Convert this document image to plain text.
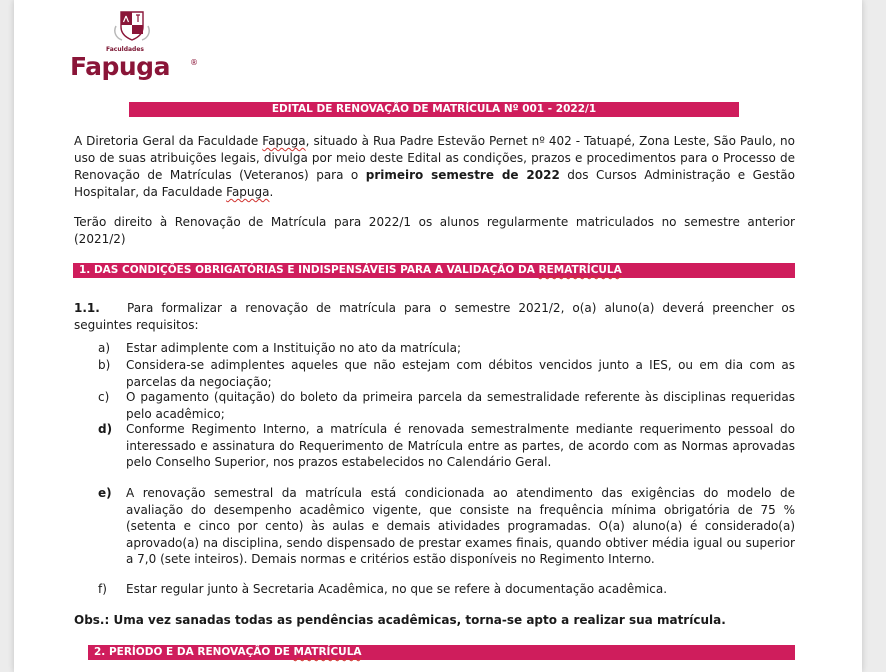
Faculdades
Fapuga	®
EDITAL DE RENOVAÇÃO DE MATRÍCULA Nº 001 - 2022/1
A Diretoria Geral da Faculdade Fapuga, situado à Rua Padre Estevão Pernet nº 402 - Tatuapé, Zona Leste, São Paulo, no uso de suas atribuições legais, divulga por meio deste Edital as condições, prazos e procedimentos para o Processo de Renovação de Matrículas (Veteranos) para o primeiro semestre de 2022 dos Cursos Administração e Gestão Hospitalar, da Faculdade Fapuga.
Terão direito à Renovação de Matrícula para 2022/1 os alunos regularmente matriculados no semestre anterior (2021/2)
1. DAS CONDIÇÕES OBRIGATÓRIAS E INDISPENSÁVEIS PARA A VALIDAÇÃO DA REMATRÍCULA
1.1.	Para formalizar a renovação de matrícula para o semestre 2021/2, o(a) aluno(a) deverá preencher os seguintes requisitos:
a) Estar adimplente com a Instituição no ato da matrícula;
b) Considera-se adimplentes aqueles que não estejam com débitos vencidos junto a IES, ou em dia com as parcelas da negociação;
c) O pagamento (quitação) do boleto da primeira parcela da semestralidade referente às disciplinas requeridas pelo acadêmico;
d) Conforme Regimento Interno, a matrícula é renovada semestralmente mediante requerimento pessoal do interessado e assinatura do Requerimento de Matrícula entre as partes, de acordo com as Normas aprovadas pelo Conselho Superior, nos prazos estabelecidos no Calendário Geral.
e) A renovação semestral da matrícula está condicionada ao atendimento das exigências do modelo de avaliação do desempenho acadêmico vigente, que consiste na frequência mínima obrigatória de 75 % (setenta e cinco por cento) às aulas e demais atividades programadas. O(a) aluno(a) é considerado(a) aprovado(a) na disciplina, sendo dispensado de prestar exames finais, quando obtiver média igual ou superior a 7,0 (sete inteiros). Demais normas e critérios estão disponíveis no Regimento Interno.
f) Estar regular junto à Secretaria Acadêmica, no que se refere à documentação acadêmica.
Obs.: Uma vez sanadas todas as pendências acadêmicas, torna-se apto a realizar sua matrícula.
2. PERÍODO E DA RENOVAÇÃO DE MATRÍCULA
